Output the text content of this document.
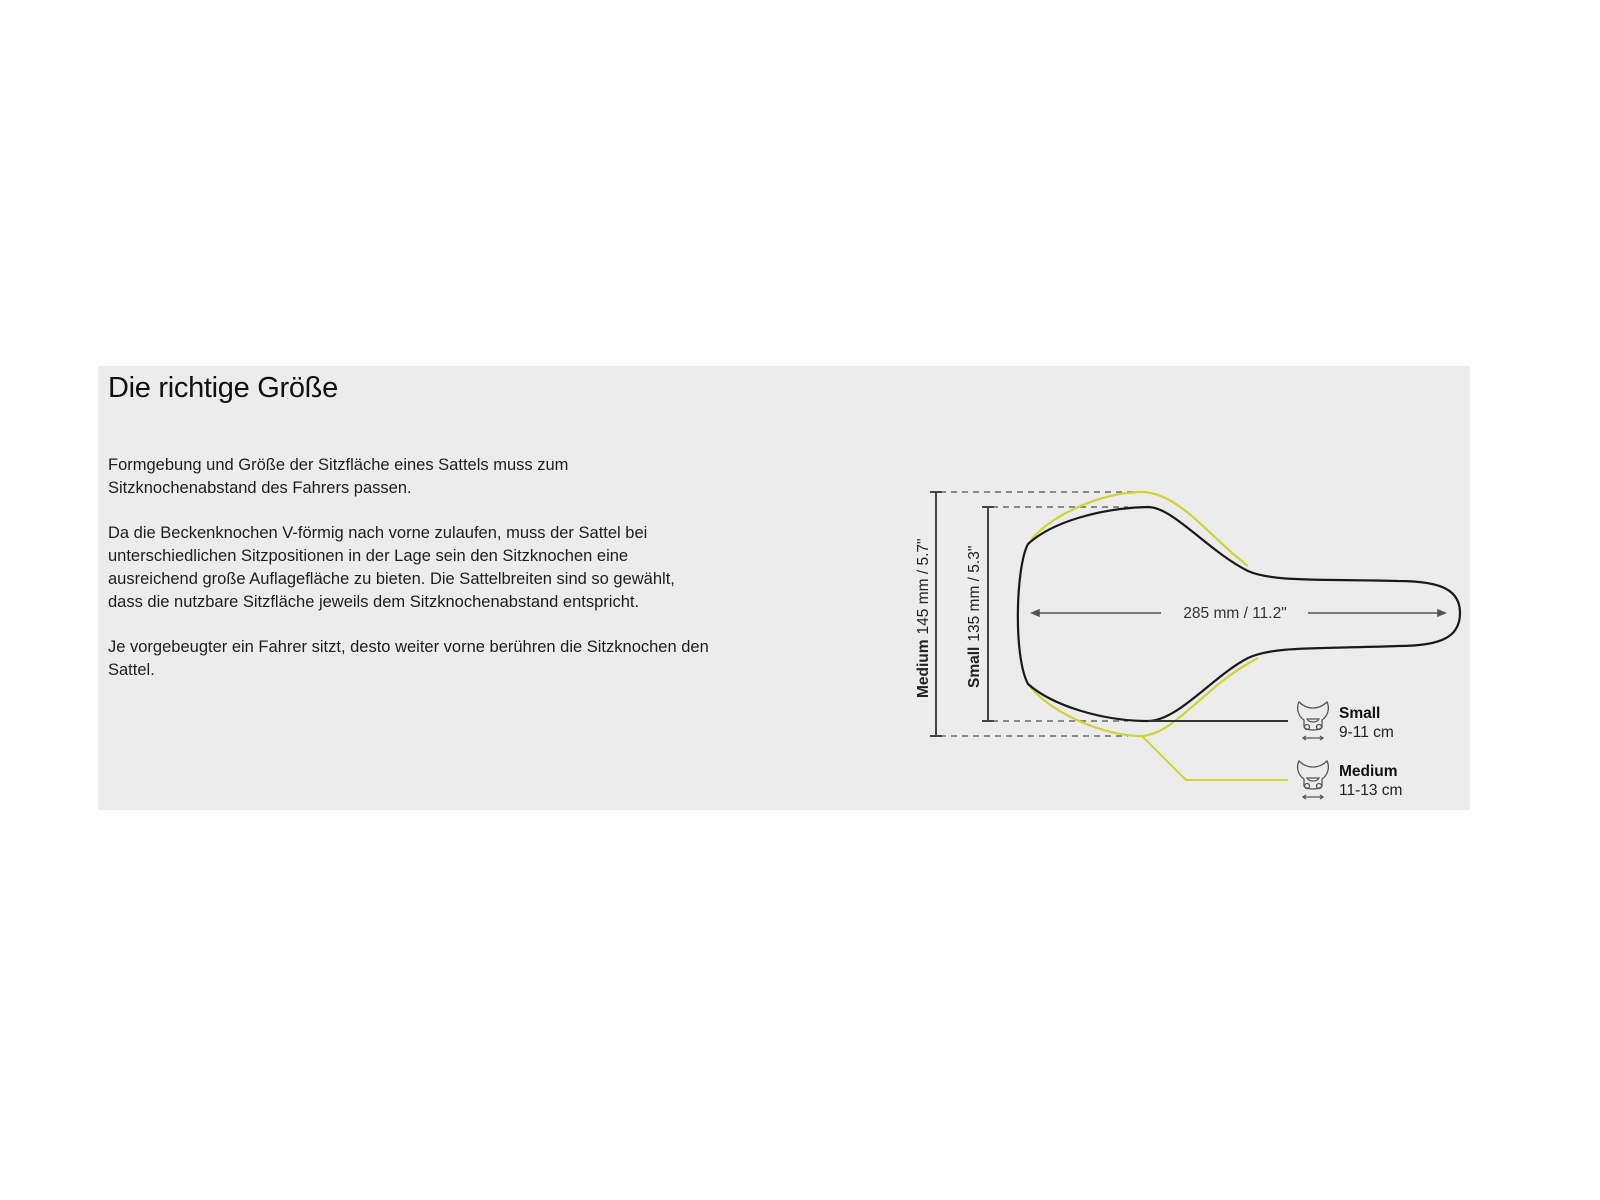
Die richtige Größe

Formgebung und Größe der Sitzfläche eines Sattels muss zum
Sitzknochenabstand des Fahrers passen.

Da die Beckenknochen V-förmig nach vorne zulaufen, muss der Sattel bei
unterschiedlichen Sitzpositionen in der Lage sein den Sitzknochen eine
ausreichend große Auflagefläche zu bieten. Die Sattelbreiten sind so gewählt,
dass die nutzbare Sitzfläche jeweils dem Sitzknochenabstand entspricht.

Je vorgebeugter ein Fahrer sitzt, desto weiter vorne berühren die Sitzknochen den
Sattel.	Medium145 mm / 5.7"
Small135 mm / 5.3"	285 mm / 11.2"
Small
9-11 cm
Medium
11-13 cm
